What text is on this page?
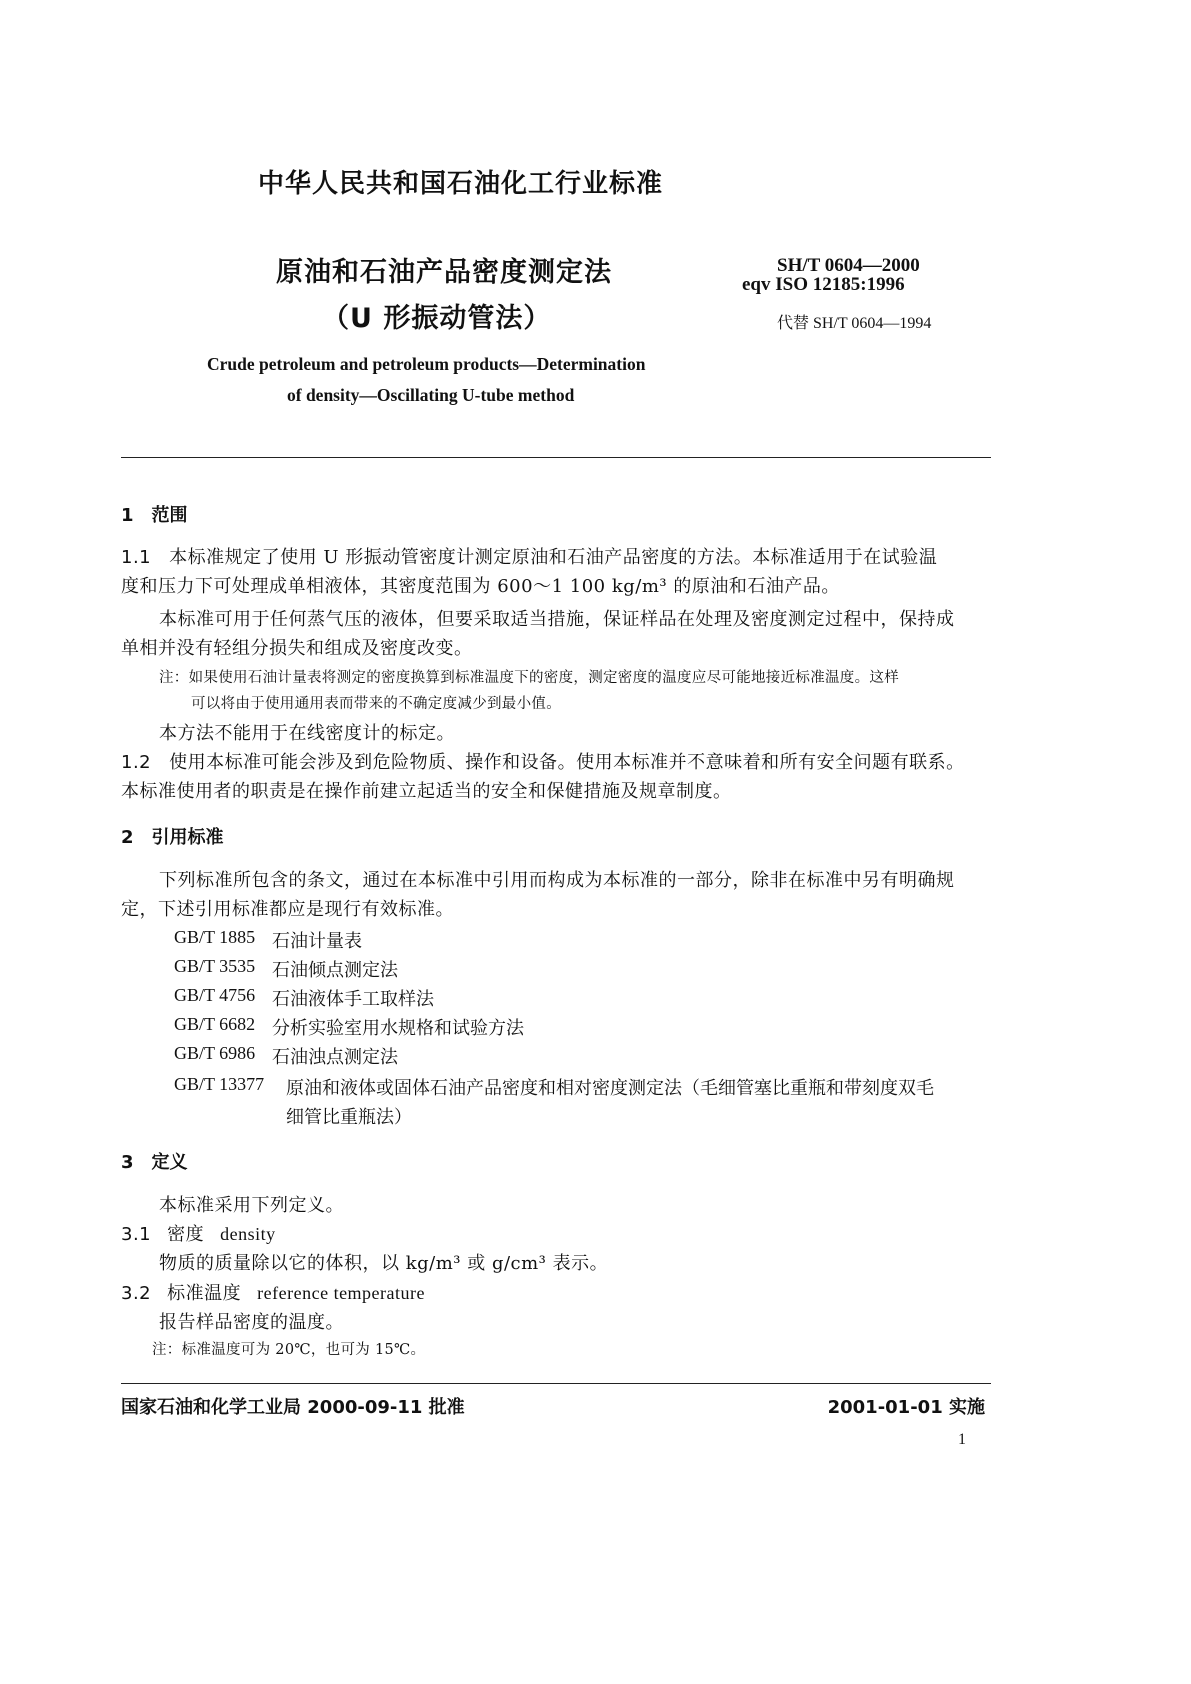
中华人民共和国石油化工行业标准
原油和石油产品密度测定法
（U 形振动管法）
SH/T 0604—2000
eqv ISO 12185:1996
代替 SH/T 0604—1994
Crude petroleum and petroleum products—Determination
of density—Oscillating U-tube method
1 范围
1.1 本标准规定了使用 U 形振动管密度计测定原油和石油产品密度的方法。本标准适用于在试验温
度和压力下可处理成单相液体，其密度范围为 600～1 100 kg/m³ 的原油和石油产品。
本标准可用于任何蒸气压的液体，但要采取适当措施，保证样品在处理及密度测定过程中，保持成
单相并没有轻组分损失和组成及密度改变。
注：如果使用石油计量表将测定的密度换算到标准温度下的密度，测定密度的温度应尽可能地接近标准温度。这样
可以将由于使用通用表而带来的不确定度减少到最小值。
本方法不能用于在线密度计的标定。
1.2 使用本标准可能会涉及到危险物质、操作和设备。使用本标准并不意味着和所有安全问题有联系。
本标准使用者的职责是在操作前建立起适当的安全和保健措施及规章制度。
2 引用标准
下列标准所包含的条文，通过在本标准中引用而构成为本标准的一部分，除非在标准中另有明确规
定，下述引用标准都应是现行有效标准。
GB/T 1885 石油计量表
GB/T 3535 石油倾点测定法
GB/T 4756 石油液体手工取样法
GB/T 6682 分析实验室用水规格和试验方法
GB/T 6986 石油浊点测定法
GB/T 13377 原油和液体或固体石油产品密度和相对密度测定法（毛细管塞比重瓶和带刻度双毛
细管比重瓶法）
3 定义
本标准采用下列定义。
3.1 密度 density
物质的质量除以它的体积，以 kg/m³ 或 g/cm³ 表示。
3.2 标准温度 reference temperature
报告样品密度的温度。
注：标准温度可为 20℃，也可为 15℃。
国家石油和化学工业局 2000-09-11 批准	2001-01-01 实施
1
